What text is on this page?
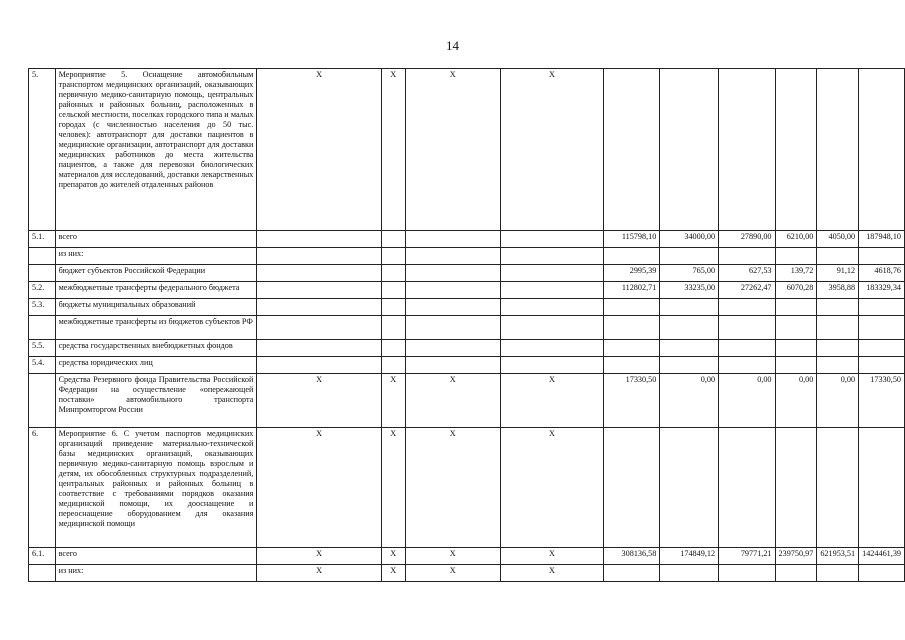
14
5.	Мероприятие 5. Оснащение автомобильным транспортом медицинских организаций, оказывающих первичную медико-санитарную помощь, центральных районных и районных больниц, расположенных в сельской местности, поселках городского типа и малых городах (с численностью населения до 50 тыс. человек): автотранспорт для доставки пациентов в медицинские организации, автотранспорт для доставки медицинских работников до места жительства пациентов, а также для перевозки биологических материалов для исследований, доставки лекарственных препаратов до жителей отдаленных районов	X	X	X	X						
5.1.	всего					115798,10	34000,00	27890,00	6210,00	4050,00	187948,10
	из них:										
	бюджет субъектов Российской Федерации					2995,39	765,00	627,53	139,72	91,12	4618,76
5.2.	межбюджетные трансферты федерального бюджета					112802,71	33235,00	27262,47	6070,28	3958,88	183329,34
5.3.	бюджеты муниципальных образований										
	межбюджетные трансферты из бюджетов субъектов РФ										
5.5.	средства государственных внебюджетных фондов										
5.4.	средства юридических лиц										
	Средства Резервного фонда Правительства Российской Федерации на осуществление «опережающей поставки» автомобильного транспорта Минпромторгом России	X	X	X	X	17330,50	0,00	0,00	0,00	0,00	17330,50
6.	Мероприятие 6. С учетом паспортов медицинских организаций приведение материально-технической базы медицинских организаций, оказывающих первичную медико-санитарную помощь взрослым и детям, их обособленных структурных подразделений, центральных районных и районных больниц в соответствие с требованиями порядков оказания медицинской помощи, их дооснащение и переоснащение оборудованием для оказания медицинской помощи	X	X	X	X						
6.1.	всего	X	X	X	X	308136,58	174849,12	79771,21	239750,97	621953,51	1424461,39
	из них:	X	X	X	X						
